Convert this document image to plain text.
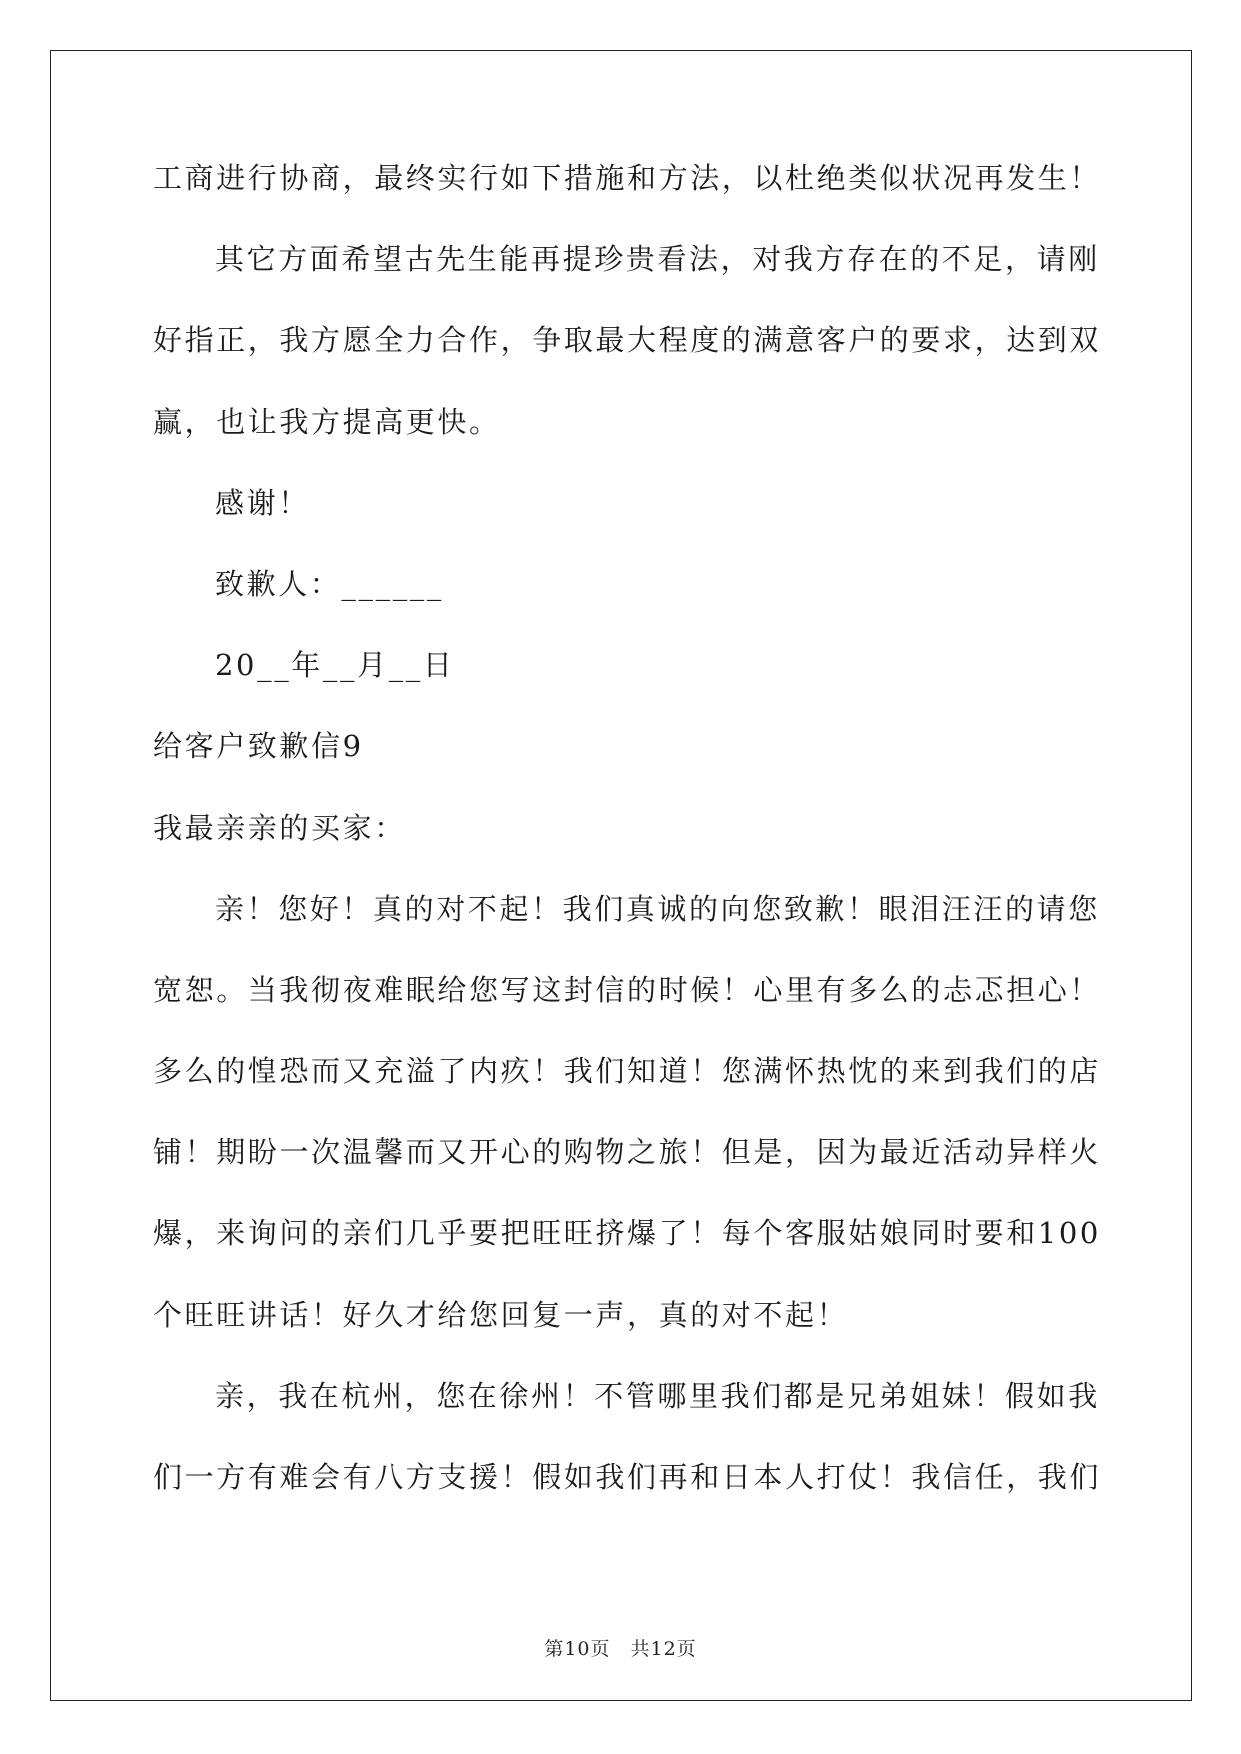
工商进行协商，最终实行如下措施和方法，以杜绝类似状况再发生！
其它方面希望古先生能再提珍贵看法，对我方存在的不足，请刚
好指正，我方愿全力合作，争取最大程度的满意客户的要求，达到双
赢，也让我方提高更快。
感谢！
致歉人：______
20__年__月__日
给客户致歉信9
我最亲亲的买家：
亲！您好！真的对不起！我们真诚的向您致歉！眼泪汪汪的请您
宽恕。当我彻夜难眠给您写这封信的时候！心里有多么的忐忑担心！
多么的惶恐而又充溢了内疚！我们知道！您满怀热忱的来到我们的店
铺！期盼一次温馨而又开心的购物之旅！但是，因为最近活动异样火
爆，来询问的亲们几乎要把旺旺挤爆了！每个客服姑娘同时要和100
个旺旺讲话！好久才给您回复一声，真的对不起！
亲，我在杭州，您在徐州！不管哪里我们都是兄弟姐妹！假如我
们一方有难会有八方支援！假如我们再和日本人打仗！我信任，我们
第10页　共12页
